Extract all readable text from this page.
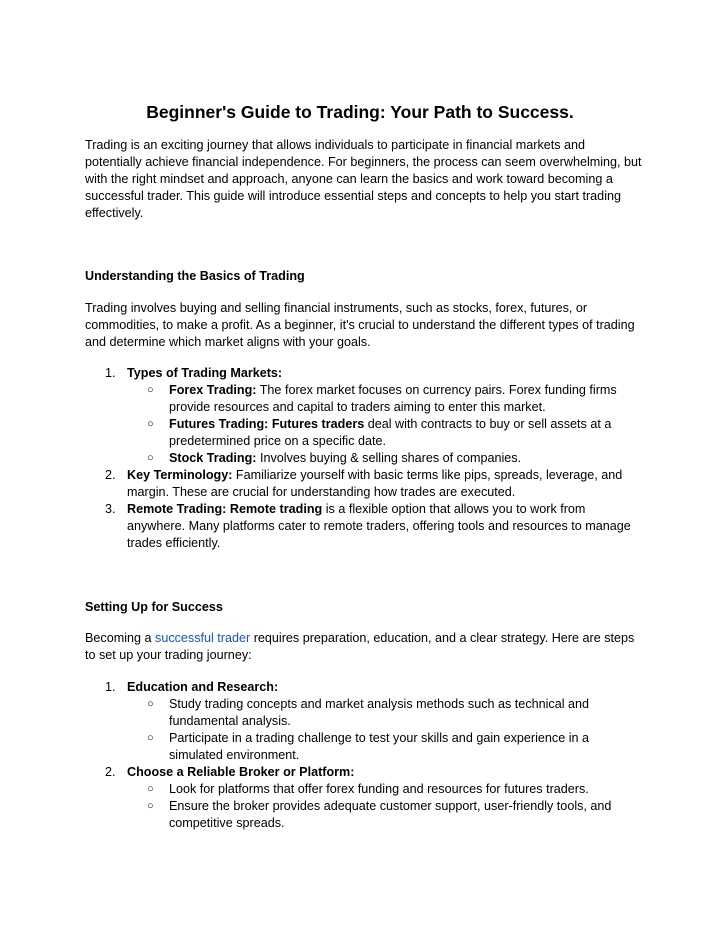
Beginner's Guide to Trading: Your Path to Success.

Trading is an exciting journey that allows individuals to participate in financial markets and potentially achieve financial independence. For beginners, the process can seem overwhelming, but with the right mindset and approach, anyone can learn the basics and work toward becoming a successful trader. This guide will introduce essential steps and concepts to help you start trading effectively.

Understanding the Basics of Trading

Trading involves buying and selling financial instruments, such as stocks, forex, futures, or commodities, to make a profit. As a beginner, it's crucial to understand the different types of trading and determine which market aligns with your goals.

1. Types of Trading Markets:
○ Forex Trading: The forex market focuses on currency pairs. Forex funding firms provide resources and capital to traders aiming to enter this market.
○ Futures Trading: Futures traders deal with contracts to buy or sell assets at a predetermined price on a specific date.
○ Stock Trading: Involves buying & selling shares of companies.
2. Key Terminology: Familiarize yourself with basic terms like pips, spreads, leverage, and margin. These are crucial for understanding how trades are executed.
3. Remote Trading: Remote trading is a flexible option that allows you to work from anywhere. Many platforms cater to remote traders, offering tools and resources to manage trades efficiently.

Setting Up for Success

Becoming a successful trader requires preparation, education, and a clear strategy. Here are steps to set up your trading journey:

1. Education and Research:
○ Study trading concepts and market analysis methods such as technical and fundamental analysis.
○ Participate in a trading challenge to test your skills and gain experience in a simulated environment.
2. Choose a Reliable Broker or Platform:
○ Look for platforms that offer forex funding and resources for futures traders.
○ Ensure the broker provides adequate customer support, user-friendly tools, and competitive spreads.
